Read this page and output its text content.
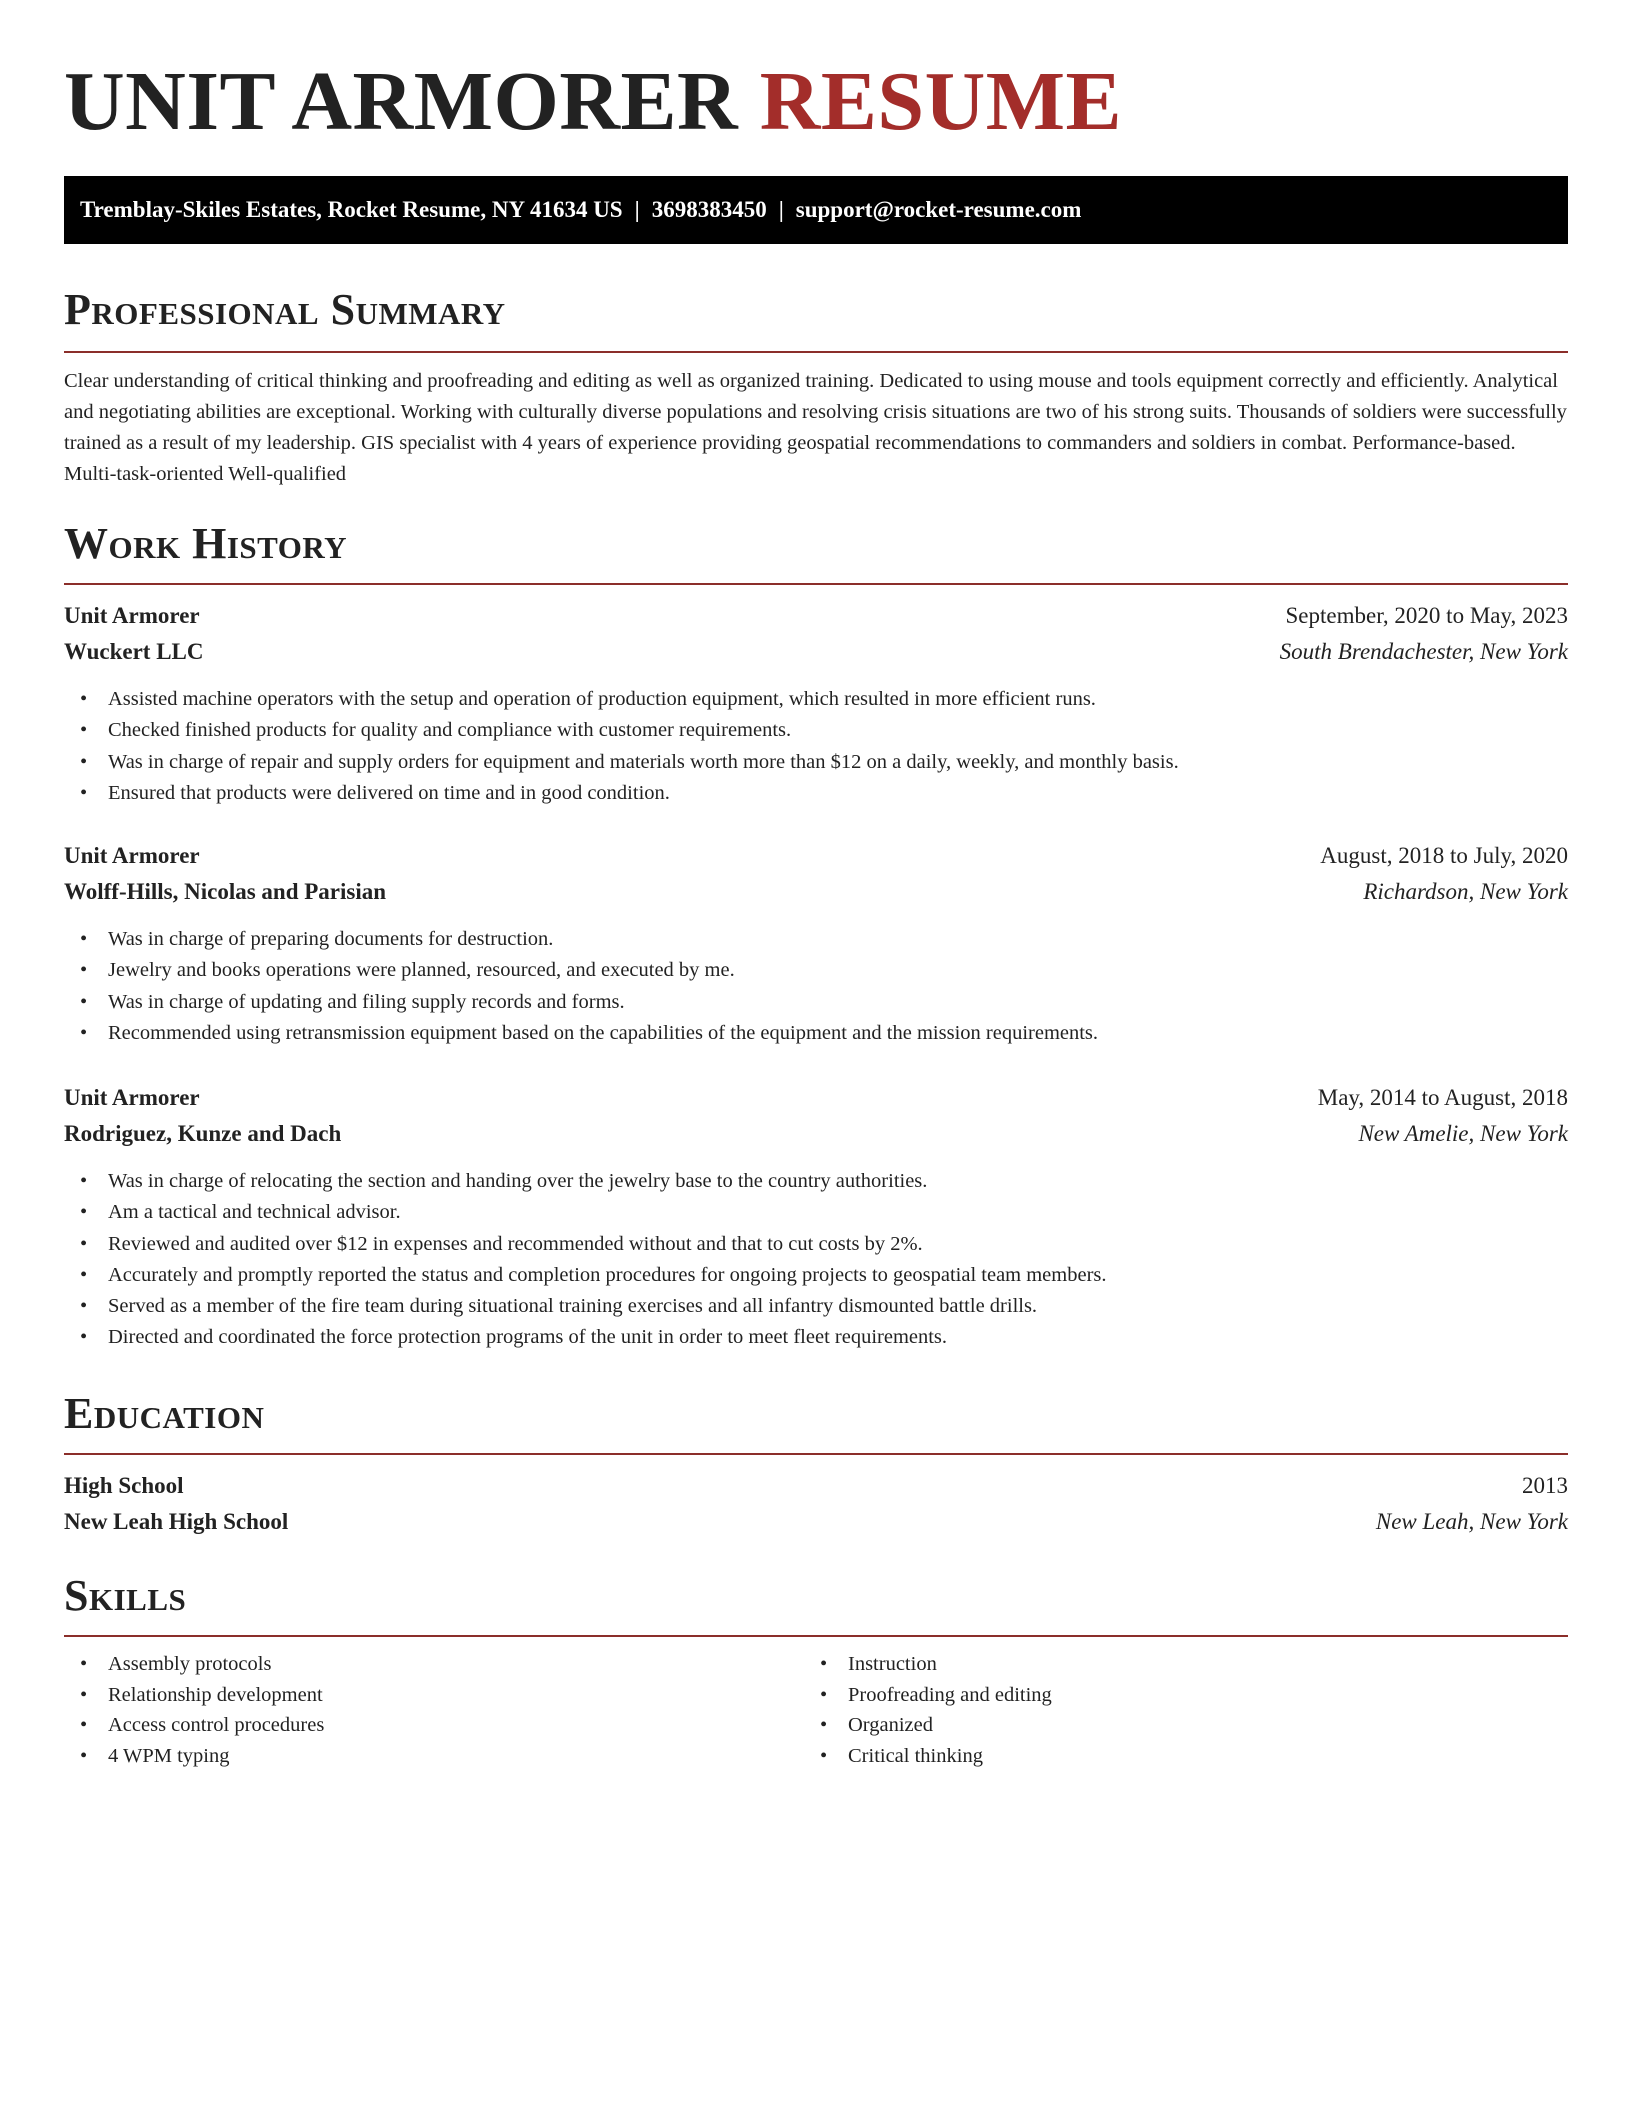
UNIT ARMORER RESUME
Tremblay-Skiles Estates, Rocket Resume, NY 41634 US | 3698383450 | support@rocket-resume.com
Professional Summary

Clear understanding of critical thinking and proofreading and editing as well as organized training. Dedicated to using mouse and tools equipment correctly and efficiently. Analytical and negotiating abilities are exceptional. Working with culturally diverse populations and resolving crisis situations are two of his strong suits. Thousands of soldiers were successfully trained as a result of my leadership. GIS specialist with 4 years of experience providing geospatial recommendations to commanders and soldiers in combat. Performance-based. Multi-task-oriented Well-qualified

Work History
Unit Armorer	September, 2020 to May, 2023
Wuckert LLC	South Brendachester, New York
• Assisted machine operators with the setup and operation of production equipment, which resulted in more efficient runs.
• Checked finished products for quality and compliance with customer requirements.
• Was in charge of repair and supply orders for equipment and materials worth more than $12 on a daily, weekly, and monthly basis.
• Ensured that products were delivered on time and in good condition.
Unit Armorer	August, 2018 to July, 2020
Wolff-Hills, Nicolas and Parisian	Richardson, New York
• Was in charge of preparing documents for destruction.
• Jewelry and books operations were planned, resourced, and executed by me.
• Was in charge of updating and filing supply records and forms.
• Recommended using retransmission equipment based on the capabilities of the equipment and the mission requirements.
Unit Armorer	May, 2014 to August, 2018
Rodriguez, Kunze and Dach	New Amelie, New York
• Was in charge of relocating the section and handing over the jewelry base to the country authorities.
• Am a tactical and technical advisor.
• Reviewed and audited over $12 in expenses and recommended without and that to cut costs by 2%.
• Accurately and promptly reported the status and completion procedures for ongoing projects to geospatial team members.
• Served as a member of the fire team during situational training exercises and all infantry dismounted battle drills.
• Directed and coordinated the force protection programs of the unit in order to meet fleet requirements.
Education
High School	2013
New Leah High School	New Leah, New York
Skills
• Assembly protocols
• Relationship development
• Access control procedures
• 4 WPM typing
• Instruction
• Proofreading and editing
• Organized
• Critical thinking
